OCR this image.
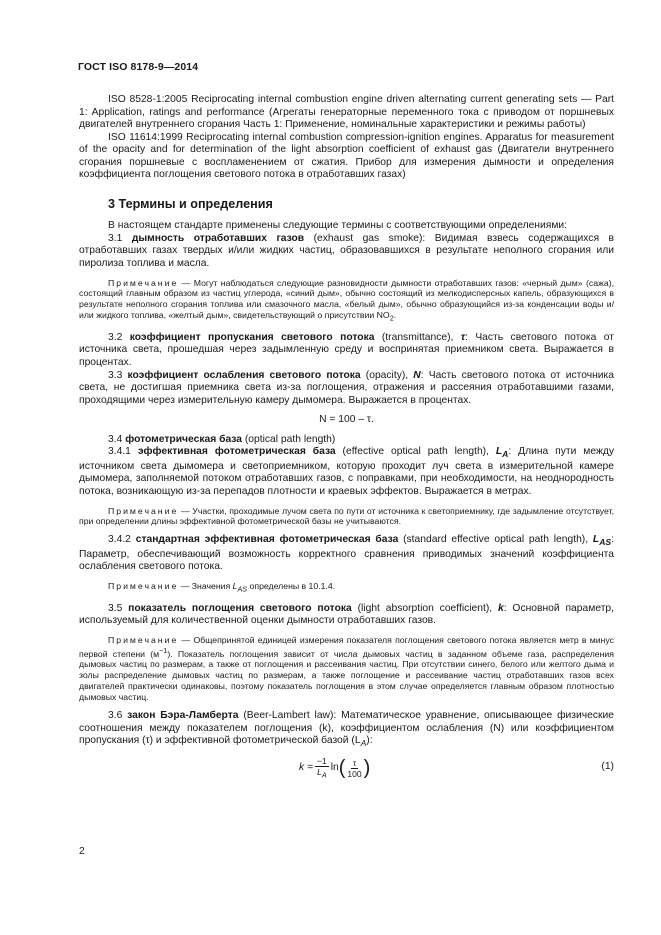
ГОСТ ISO 8178-9—2014

ISO 8528-1:2005 Reciprocating internal combustion engine driven alternating current generating sets — Part 1: Application, ratings and performance (Агрегаты генераторные переменного тока с приводом от поршневых двигателей внутреннего сгорания Часть 1: Применение, номинальные характеристики и режимы работы)

ISO 11614:1999 Reciprocating internal combustion compression-ignition engines. Apparatus for measurement of the opacity and for determination of the light absorption coefficient of exhaust gas (Двигатели внутреннего сгорания поршневые с воспламенением от сжатия. Прибор для измерения дымности и определения коэффициента поглощения светового потока в отработавших газах)

3 Термины и определения

В настоящем стандарте применены следующие термины с соответствующими определениями:

3.1 дымность отработавших газов (exhaust gas smoke): Видимая взвесь содержащихся в отработавших газах твердых и/или жидких частиц, образовавшихся в результате неполного сгорания или пиролиза топлива и масла.

Примечание — Могут наблюдаться следующие разновидности дымности отработавших газов: «черный дым» (сажа), состоящий главным образом из частиц углерода, «синий дым», обычно состоящий из мелкодисперсных капель, образующихся в результате неполного сгорания топлива или смазочного масла, «белый дым», обычно образующийся из-за конденсации воды и/или жидкого топлива, «желтый дым», свидетельствующий о присутствии $NO_2$.

3.2 коэффициент пропускания светового потока (transmittance), τ: Часть светового потока от источника света, прошедшая через задымленную среду и воспринятая приемником света. Выражается в процентах.

3.3 коэффициент ослабления светового потока (opacity), N: Часть светового потока от источника света, не достигшая приемника света из-за поглощения, отражения и рассеяния отработавшими газами, проходящими через измерительную камеру дымомера. Выражается в процентах.

N = 100 – τ.

3.4 фотометрическая база (optical path length)

3.4.1 эффективная фотометрическая база (effective optical path length), $L_A$: Длина пути между источником света дымомера и светоприемником, которую проходит луч света в измерительной камере дымомера, заполняемой потоком отработавших газов, с поправками, при необходимости, на неоднородность потока, возникающую из-за перепадов плотности и краевых эффектов. Выражается в метрах.

Примечание — Участки, проходимые лучом света по пути от источника к светоприемнику, где задымление отсутствует, при определении длины эффективной фотометрической базы не учитываются.

3.4.2 стандартная эффективная фотометрическая база (standard effective optical path length), $L_{AS}$: Параметр, обеспечивающий возможность корректного сравнения приводимых значений коэффициента ослабления светового потока.

Примечание — Значения $L_{AS}$ определены в 10.1.4.

3.5 показатель поглощения светового потока (light absorption coefficient), k: Основной параметр, используемый для количественной оценки дымности отработавших газов.

Примечание — Общепринятой единицей измерения показателя поглощения светового потока является метр в минус первой степени $(м^{-1})$. Показатель поглощения зависит от числа дымовых частиц в заданном объеме газа, распределения дымовых частиц по размерам, а также от поглощения и рассеивания частиц. При отсутствии синего, белого или желтого дыма и золы распределение дымовых частиц по размерам, а также поглощение и рассеивание частиц отработавших газов всех двигателей практически одинаковы, поэтому показатель поглощения в этом случае определяется главным образом плотностью дымовых частиц.

3.6 закон Бэра-Ламберта (Beer-Lambert law): Математическое уравнение, описывающее физические соотношения между показателем поглощения (k), коэффициентом ослабления (N) или коэффициентом пропускания (τ) и эффективной фотометрической базой $(L_A)$:

$k = \frac{-1}{L_A}$ ln ( $\frac{\tau}{100}$ )	(1)
2
